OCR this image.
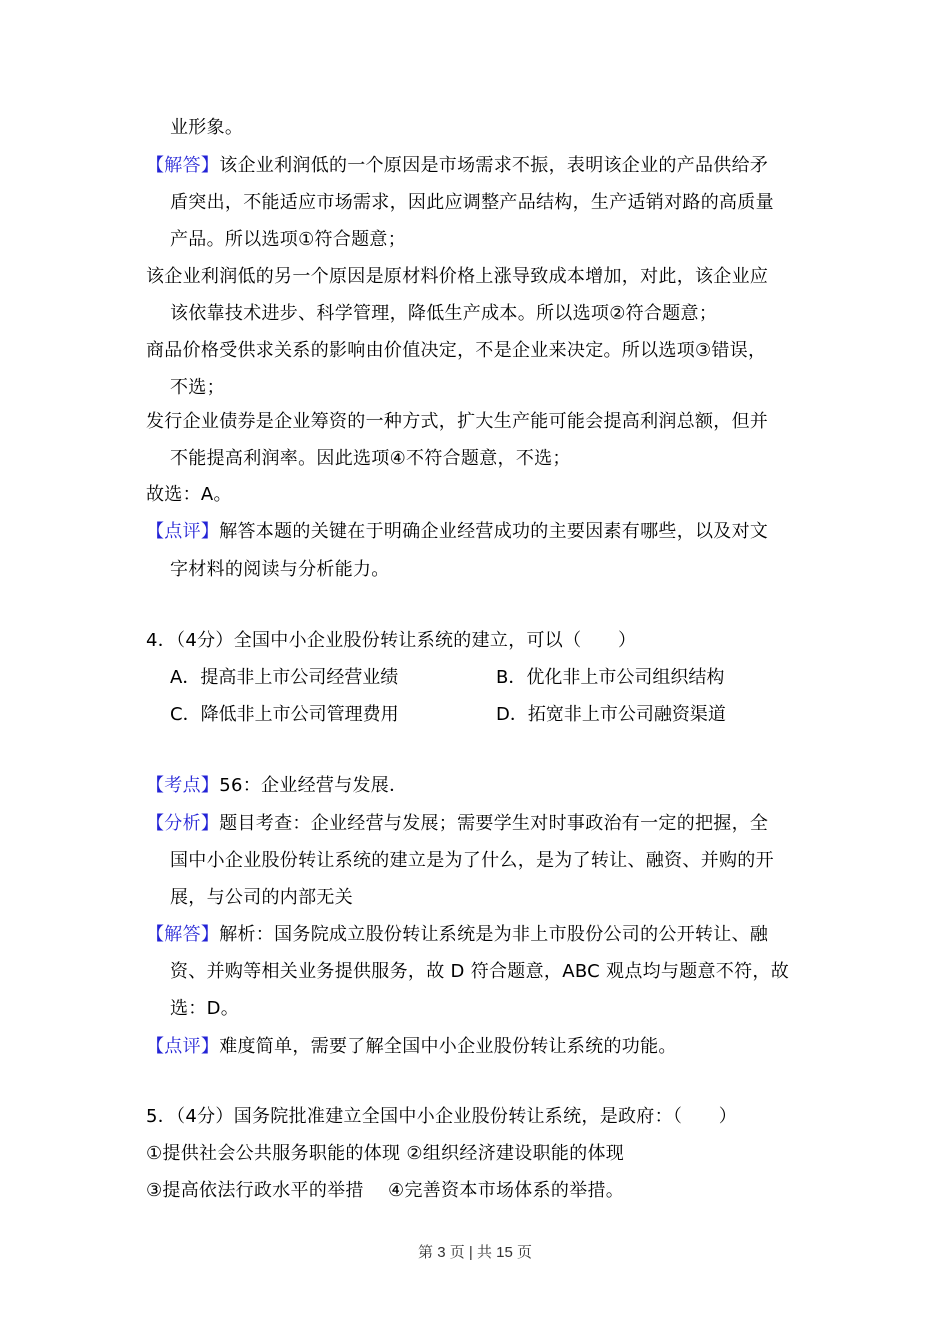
业形象。
【解答】该企业利润低的一个原因是市场需求不振，表明该企业的产品供给矛
盾突出，不能适应市场需求，因此应调整产品结构，生产适销对路的高质量
产品。所以选项①符合题意；
该企业利润低的另一个原因是原材料价格上涨导致成本增加，对此，该企业应
该依靠技术进步、科学管理，降低生产成本。所以选项②符合题意；
商品价格受供求关系的影响由价值决定，不是企业来决定。所以选项③错误，
不选；
发行企业债券是企业筹资的一种方式，扩大生产能可能会提高利润总额，但并
不能提高利润率。因此选项④不符合题意，不选；
故选：A。
【点评】解答本题的关键在于明确企业经营成功的主要因素有哪些，以及对文
字材料的阅读与分析能力。
4．（4分）全国中小企业股份转让系统的建立，可以（　　）
A．提高非上市公司经营业绩	B．优化非上市公司组织结构
C．降低非上市公司管理费用	D．拓宽非上市公司融资渠道
【考点】56：企业经营与发展．
【分析】题目考查：企业经营与发展；需要学生对时事政治有一定的把握，全
国中小企业股份转让系统的建立是为了什么，是为了转让、融资、并购的开
展，与公司的内部无关
【解答】解析：国务院成立股份转让系统是为非上市股份公司的公开转让、融
资、并购等相关业务提供服务，故 D 符合题意，ABC 观点均与题意不符，故
选：D。
【点评】难度简单，需要了解全国中小企业股份转让系统的功能。
5．（4分）国务院批准建立全国中小企业股份转让系统，是政府：（　　）
①提供社会公共服务职能的体现 ②组织经济建设职能的体现
③提高依法行政水平的举措　 ④完善资本市场体系的举措。
第 3 页 | 共 15 页
